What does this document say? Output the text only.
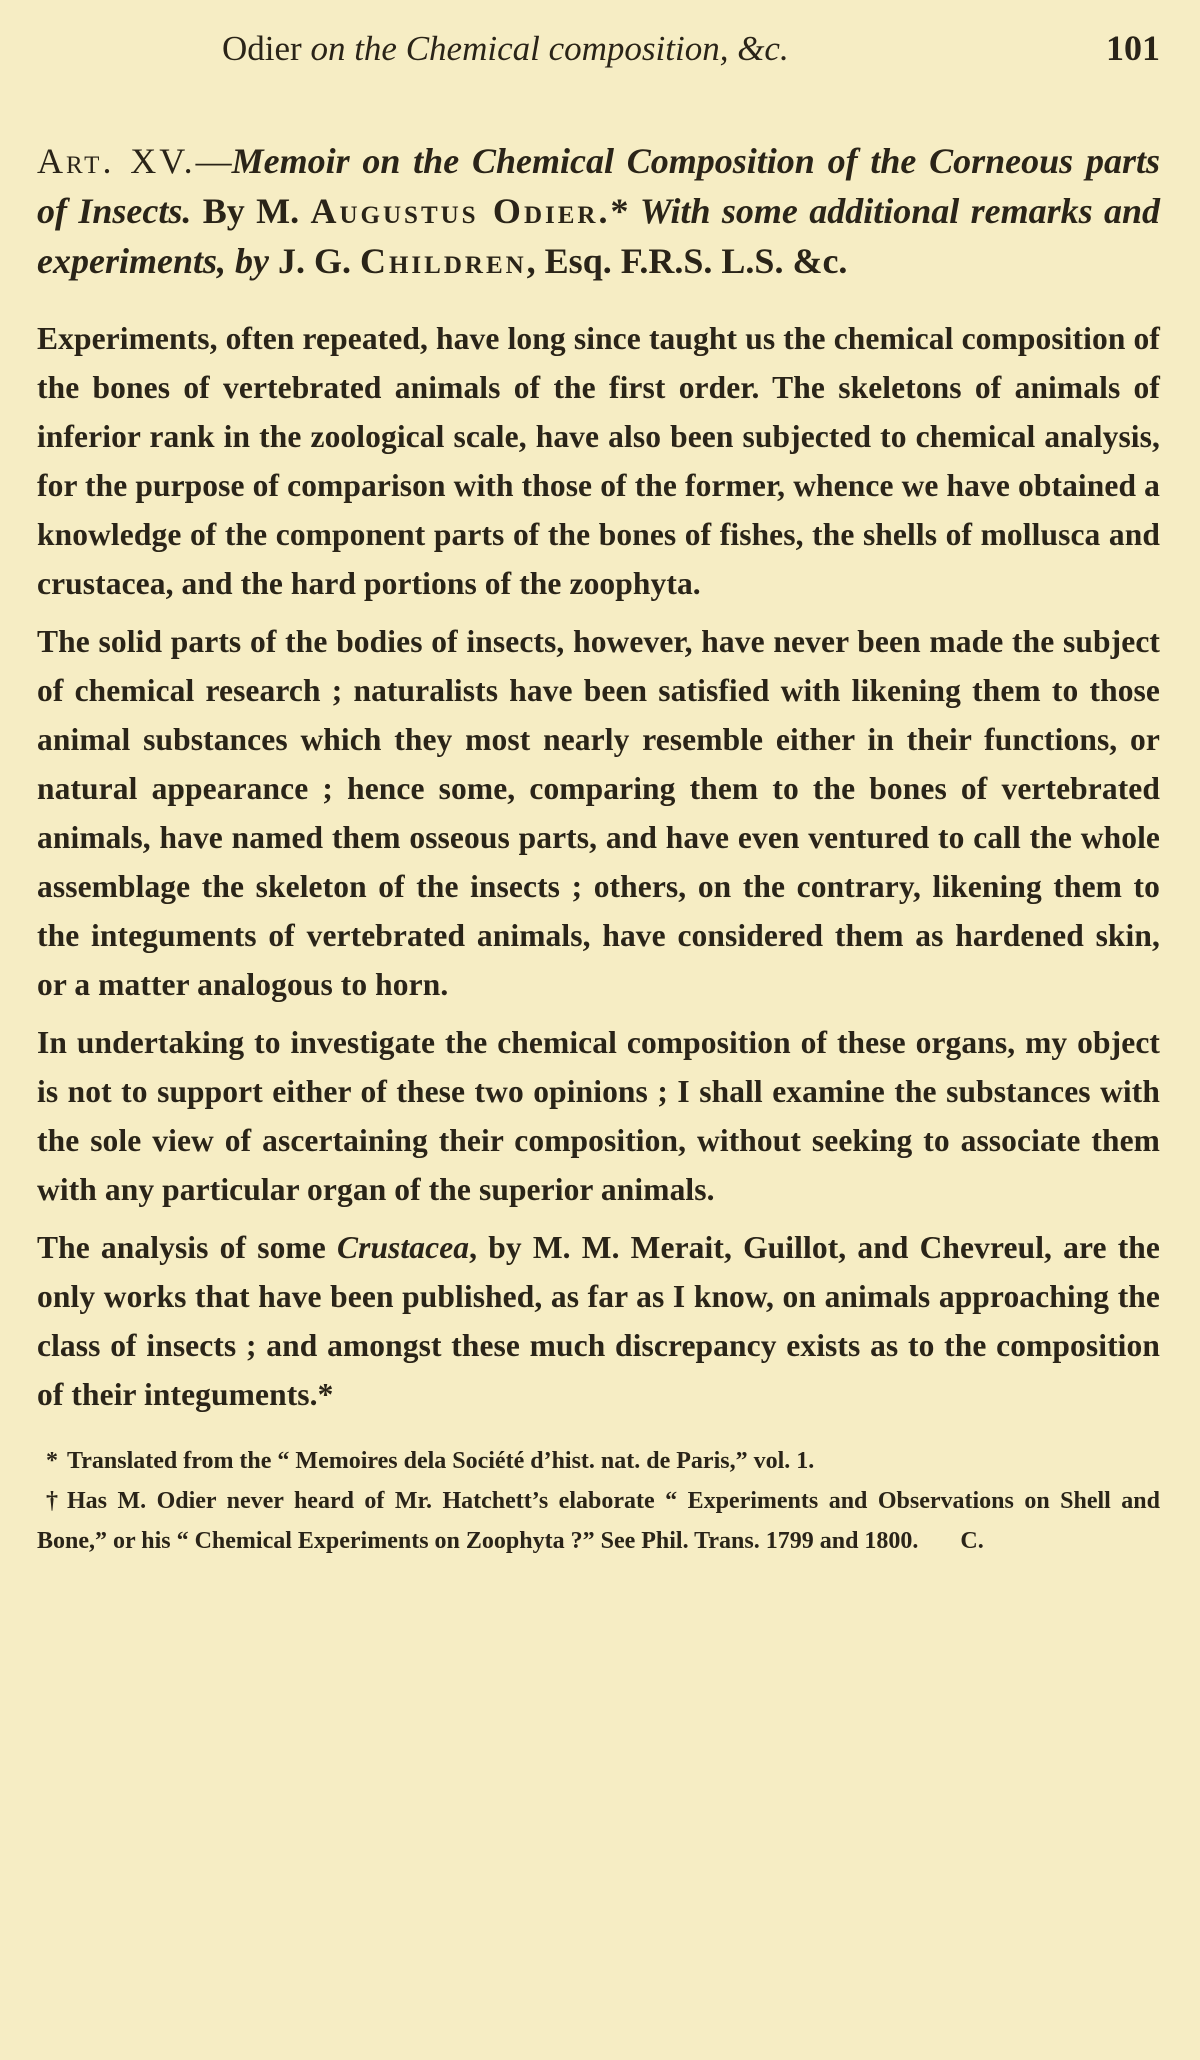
Odier on the Chemical composition, &c.	101
Art. XV.—Memoir on the Chemical Composition of the Corneous parts of Insects. By M. Augustus Odier.* With some additional remarks and experiments, by J. G. Children, Esq. F.R.S. L.S. &c.

Experiments, often repeated, have long since taught us the chemical composition of the bones of vertebrated animals of the first order. The skeletons of animals of inferior rank in the zoological scale, have also been subjected to chemical analysis, for the purpose of comparison with those of the former, whence we have obtained a knowledge of the component parts of the bones of fishes, the shells of mollusca and crustacea, and the hard portions of the zoophyta.

The solid parts of the bodies of insects, however, have never been made the subject of chemical research ; naturalists have been satisfied with likening them to those animal substances which they most nearly resemble either in their functions, or natural appearance ; hence some, comparing them to the bones of vertebrated animals, have named them osseous parts, and have even ventured to call the whole assemblage the skeleton of the insects ; others, on the contrary, likening them to the integuments of vertebrated animals, have considered them as hardened skin, or a matter analogous to horn.

In undertaking to investigate the chemical composition of these organs, my object is not to support either of these two opinions ; I shall examine the substances with the sole view of ascertaining their composition, without seeking to associate them with any particular organ of the superior animals.

The analysis of some Crustacea, by M. M. Merait, Guillot, and Chevreul, are the only works that have been published, as far as I know, on animals approaching the class of insects ; and amongst these much discrepancy exists as to the composition of their integuments.*

* Translated from the “ Memoires dela Société d’hist. nat. de Paris,” vol. 1.

† Has M. Odier never heard of Mr. Hatchett’s elaborate “ Experiments and Observations on Shell and Bone,” or his “ Chemical Experiments on Zoophyta ?” See Phil. Trans. 1799 and 1800.       C.
